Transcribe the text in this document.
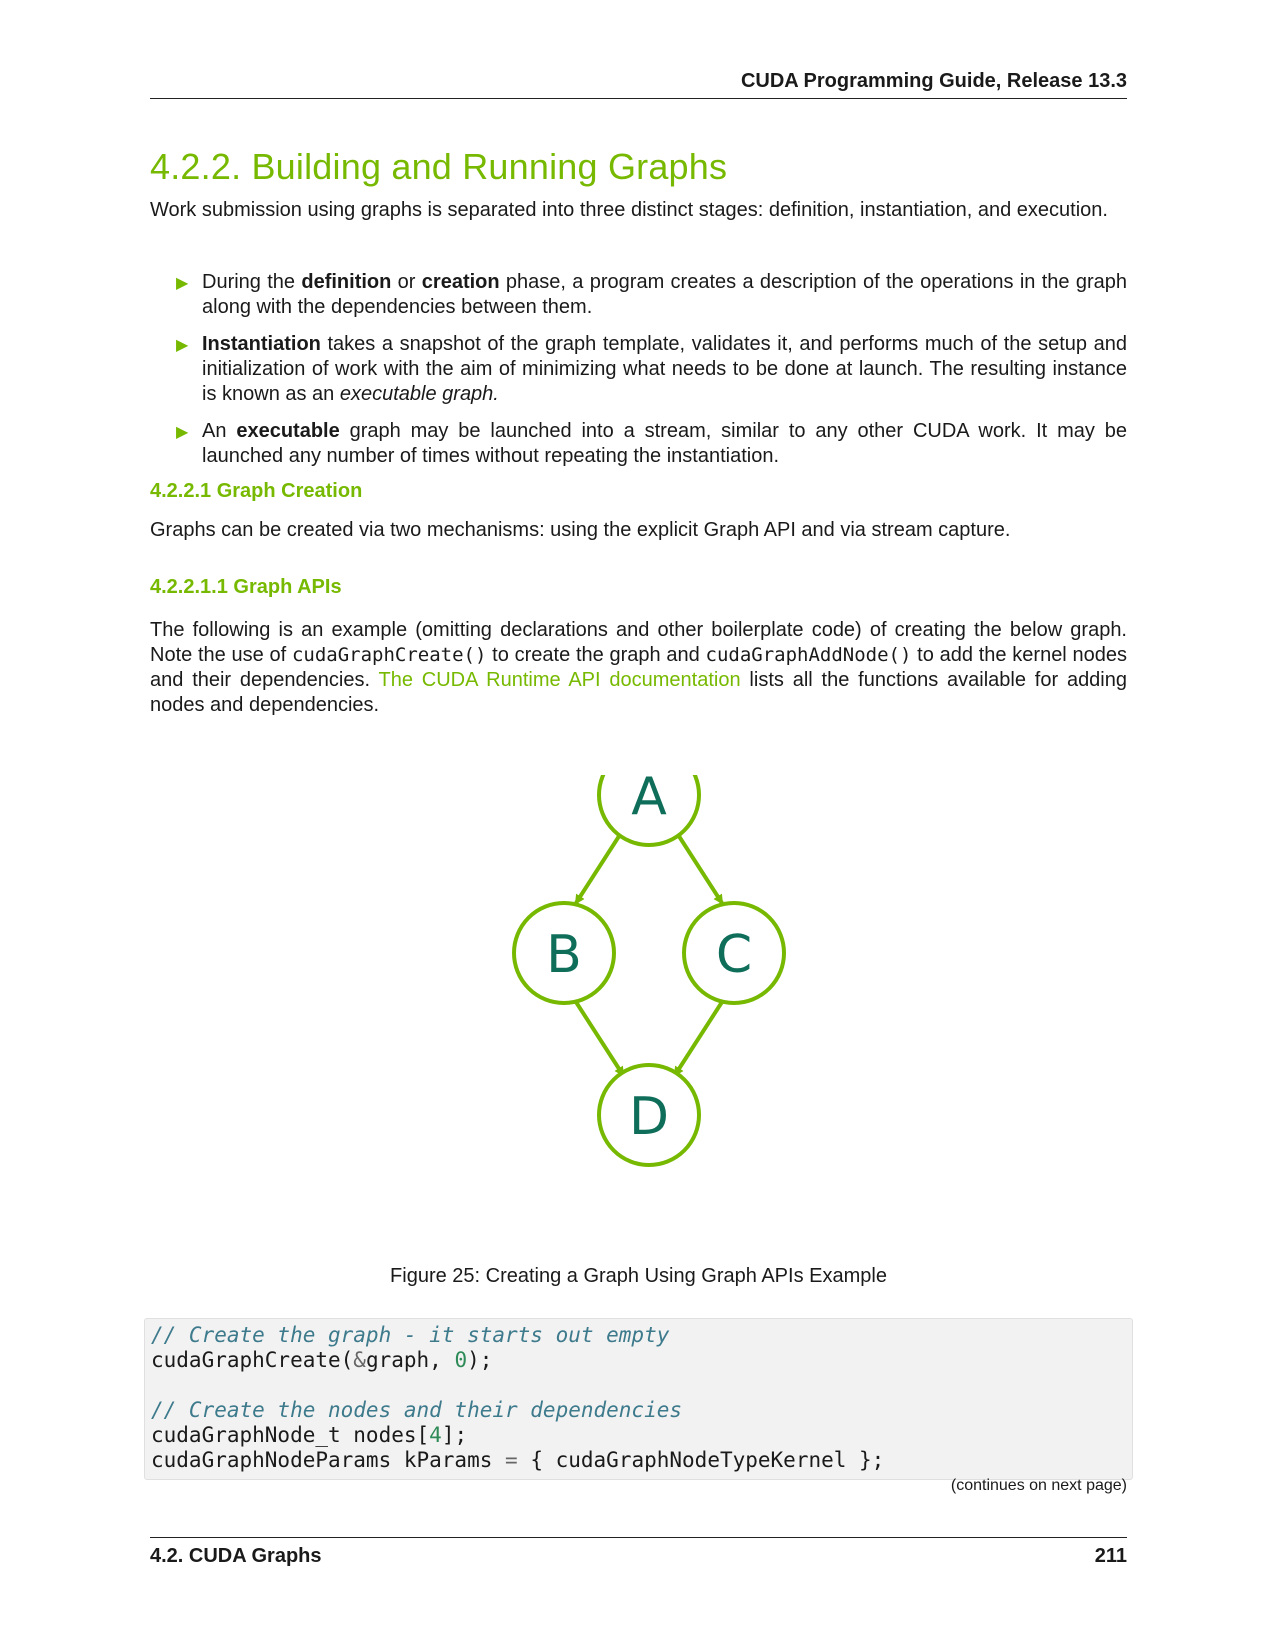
CUDA Programming Guide, Release 13.3
4.2.2. Building and Running Graphs

Work submission using graphs is separated into three distinct stages: definition, instantiation, and execution.

▶ During the definition or creation phase, a program creates a description of the operations in the graph along with the dependencies between them.
▶ Instantiation takes a snapshot of the graph template, validates it, and performs much of the setup and initialization of work with the aim of minimizing what needs to be done at launch. The resulting instance is known as an executable graph.
▶ An executable graph may be launched into a stream, similar to any other CUDA work. It may be launched any number of times without repeating the instantiation.
4.2.2.1 Graph Creation

Graphs can be created via two mechanisms: using the explicit Graph API and via stream capture.

4.2.2.1.1 Graph APIs

The following is an example (omitting declarations and other boilerplate code) of creating the below graph. Note the use of cudaGraphCreate() to create the graph and cudaGraphAddNode() to add the kernel nodes and their dependencies. The CUDA Runtime API documentation lists all the functions available for adding nodes and dependencies.

A
B	C
D
Figure 25: Creating a Graph Using Graph APIs Example
// Create the graph - it starts out empty
cudaGraphCreate(&graph, 0);
// Create the nodes and their dependencies
cudaGraphNode_t nodes[4];
cudaGraphNodeParams kParams = { cudaGraphNodeTypeKernel };
(continues on next page)
4.2. CUDA Graphs	211
